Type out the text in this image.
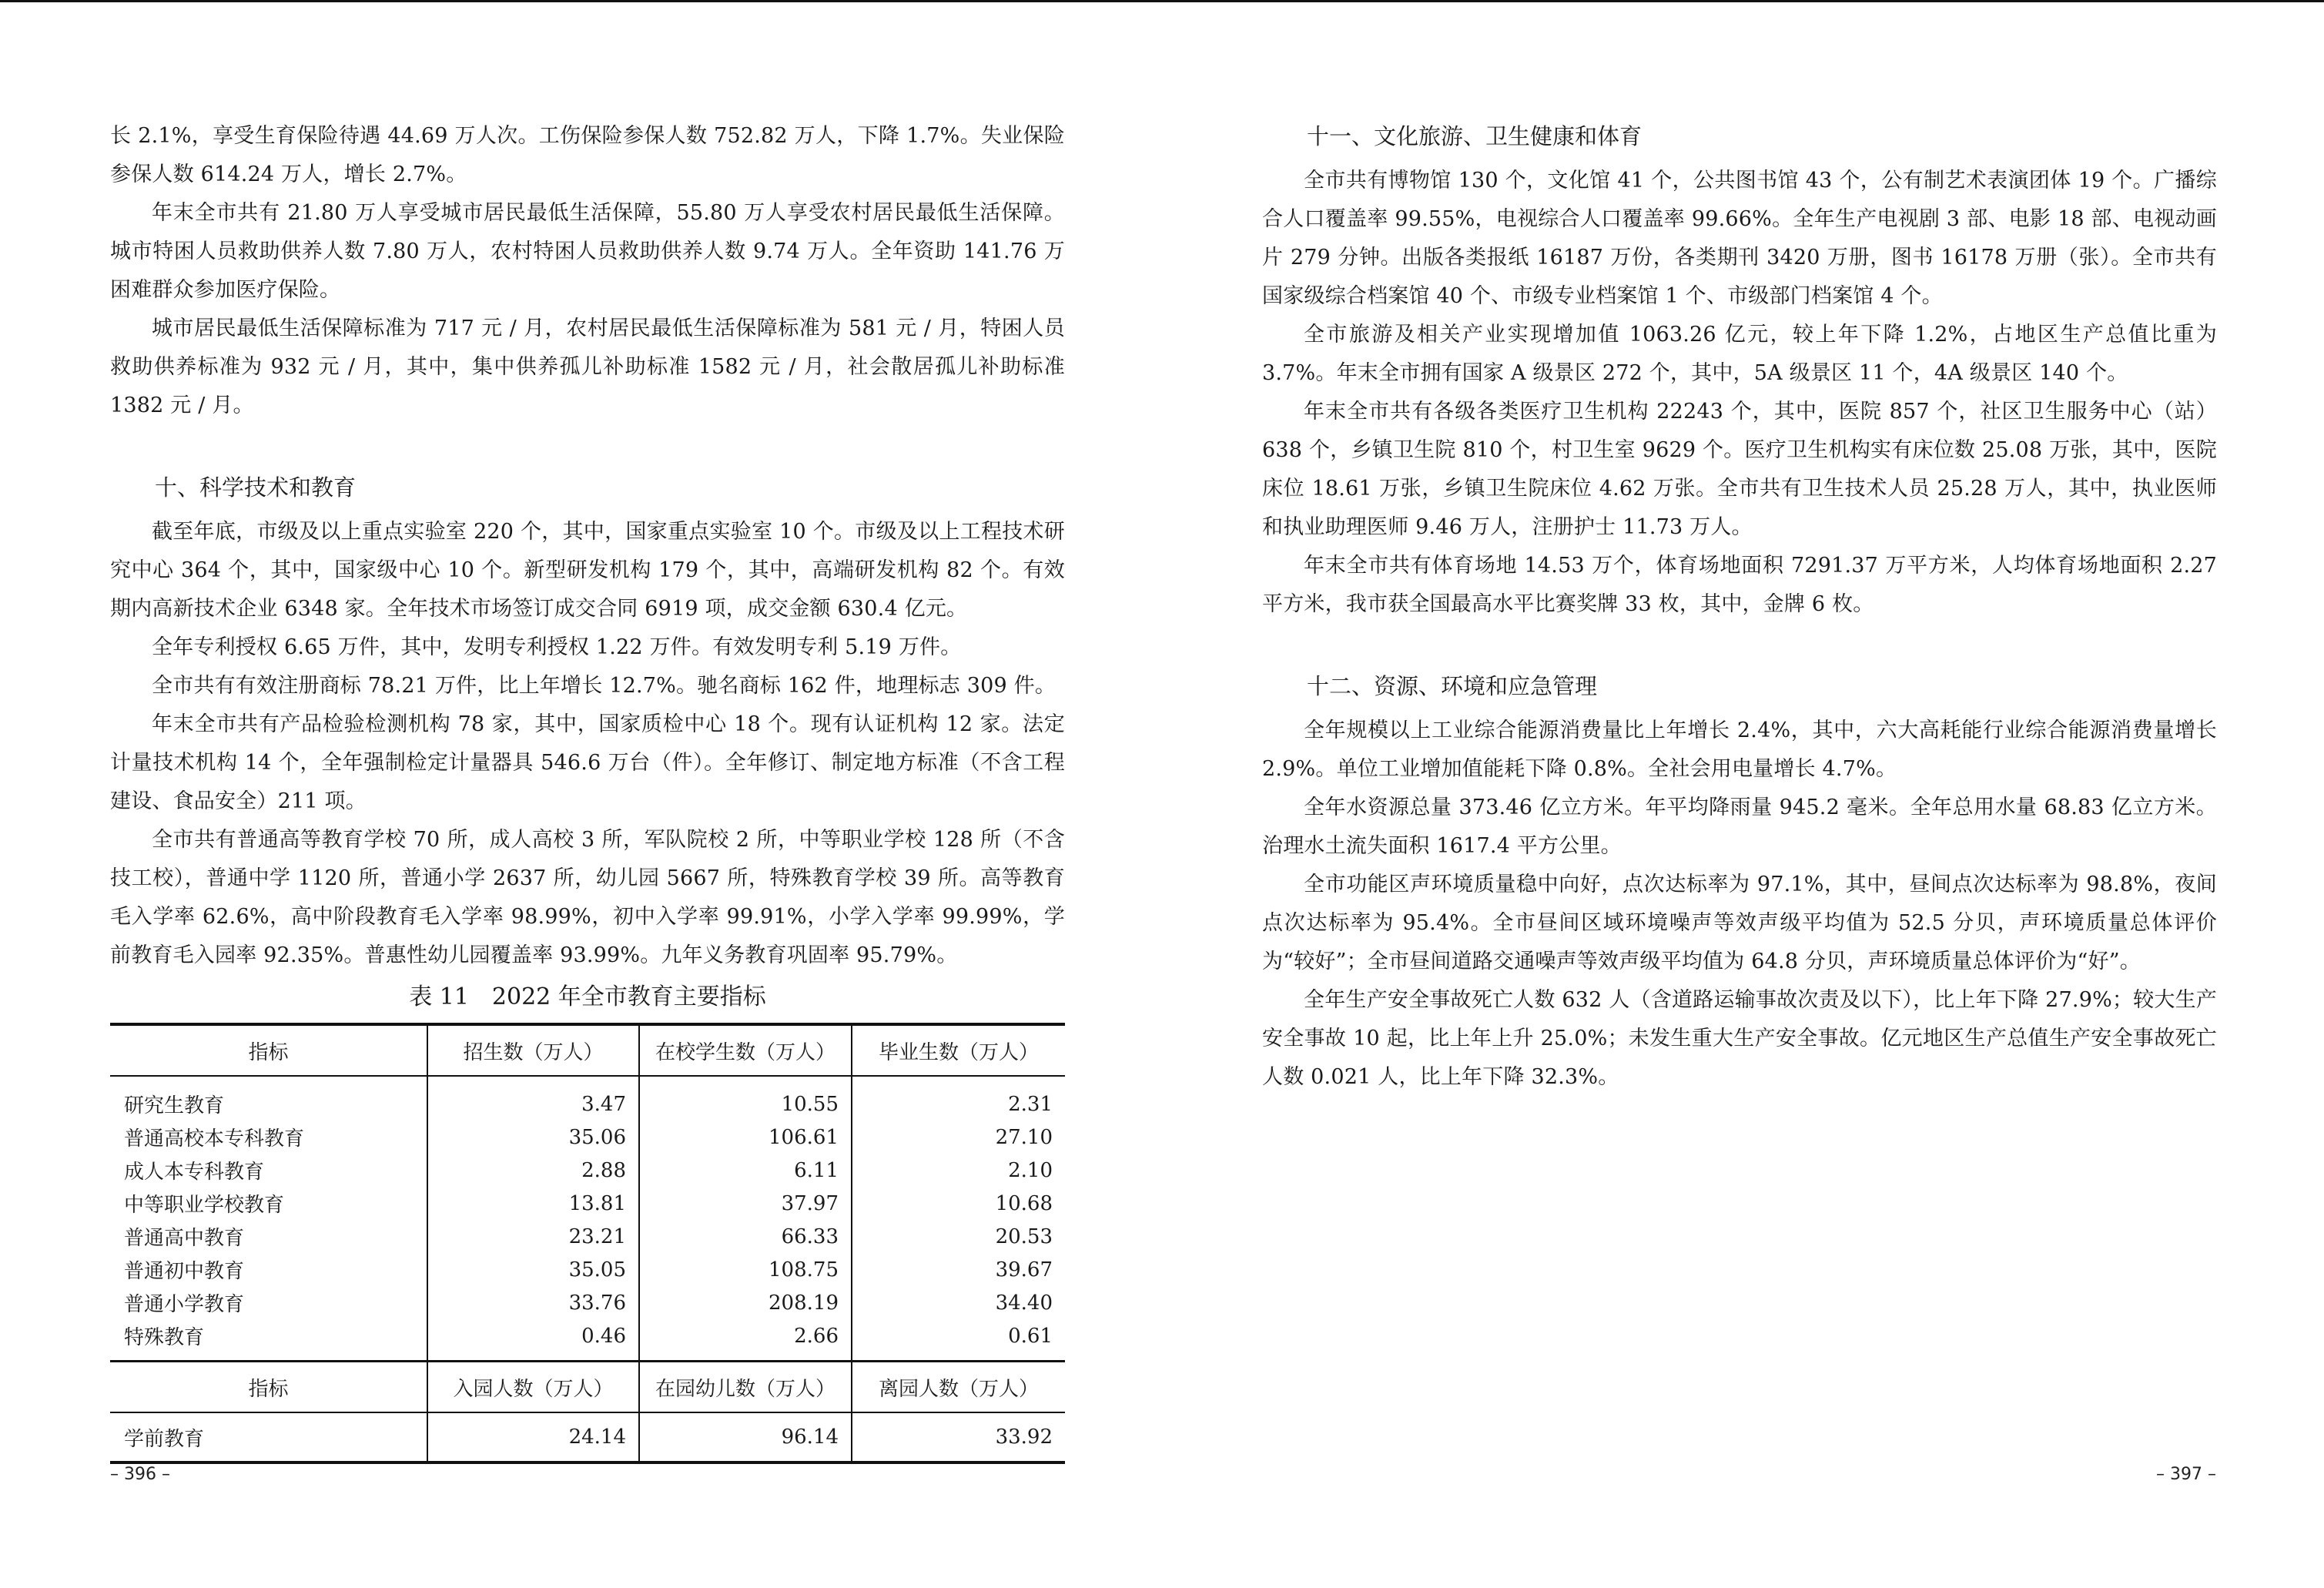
长 2.1%，享受生育保险待遇 44.69 万人次。工伤保险参保人数 752.82 万人，下降 1.7%。失业保险参保人数 614.24 万人，增长 2.7%。

年末全市共有 21.80 万人享受城市居民最低生活保障，55.80 万人享受农村居民最低生活保障。城市特困人员救助供养人数 7.80 万人，农村特困人员救助供养人数 9.74 万人。全年资助 141.76 万困难群众参加医疗保险。

城市居民最低生活保障标准为 717 元 / 月，农村居民最低生活保障标准为 581 元 / 月，特困人员救助供养标准为 932 元 / 月，其中，集中供养孤儿补助标准 1582 元 / 月，社会散居孤儿补助标准 1382 元 / 月。

十、科学技术和教育

截至年底，市级及以上重点实验室 220 个，其中，国家重点实验室 10 个。市级及以上工程技术研究中心 364 个，其中，国家级中心 10 个。新型研发机构 179 个，其中，高端研发机构 82 个。有效期内高新技术企业 6348 家。全年技术市场签订成交合同 6919 项，成交金额 630.4 亿元。

全年专利授权 6.65 万件，其中，发明专利授权 1.22 万件。有效发明专利 5.19 万件。

全市共有有效注册商标 78.21 万件，比上年增长 12.7%。驰名商标 162 件，地理标志 309 件。

年末全市共有产品检验检测机构 78 家，其中，国家质检中心 18 个。现有认证机构 12 家。法定计量技术机构 14 个，全年强制检定计量器具 546.6 万台（件）。全年修订、制定地方标准（不含工程建设、食品安全）211 项。

全市共有普通高等教育学校 70 所，成人高校 3 所，军队院校 2 所，中等职业学校 128 所（不含技工校），普通中学 1120 所，普通小学 2637 所，幼儿园 5667 所，特殊教育学校 39 所。高等教育毛入学率 62.6%，高中阶段教育毛入学率 98.99%，初中入学率 99.91%，小学入学率 99.99%，学前教育毛入园率 92.35%。普惠性幼儿园覆盖率 93.99%。九年义务教育巩固率 95.79%。

表 11　2022 年全市教育主要指标
指标	招生数（万人）	在校学生数（万人）	毕业生数（万人）
研究生教育	3.47	10.55	2.31
普通高校本专科教育	35.06	106.61	27.10
成人本专科教育	2.88	6.11	2.10
中等职业学校教育	13.81	37.97	10.68
普通高中教育	23.21	66.33	20.53
普通初中教育	35.05	108.75	39.67
普通小学教育	33.76	208.19	34.40
特殊教育	0.46	2.66	0.61
指标	入园人数（万人）	在园幼儿数（万人）	离园人数（万人）
学前教育	24.14	96.14	33.92
– 396 –
十一、文化旅游、卫生健康和体育

全市共有博物馆 130 个，文化馆 41 个，公共图书馆 43 个，公有制艺术表演团体 19 个。广播综合人口覆盖率 99.55%，电视综合人口覆盖率 99.66%。全年生产电视剧 3 部、电影 18 部、电视动画片 279 分钟。出版各类报纸 16187 万份，各类期刊 3420 万册，图书 16178 万册（张）。全市共有国家级综合档案馆 40 个、市级专业档案馆 1 个、市级部门档案馆 4 个。

全市旅游及相关产业实现增加值 1063.26 亿元，较上年下降 1.2%，占地区生产总值比重为 3.7%。年末全市拥有国家 A 级景区 272 个，其中，5A 级景区 11 个，4A 级景区 140 个。

年末全市共有各级各类医疗卫生机构 22243 个，其中，医院 857 个，社区卫生服务中心（站）638 个，乡镇卫生院 810 个，村卫生室 9629 个。医疗卫生机构实有床位数 25.08 万张，其中，医院床位 18.61 万张，乡镇卫生院床位 4.62 万张。全市共有卫生技术人员 25.28 万人，其中，执业医师和执业助理医师 9.46 万人，注册护士 11.73 万人。

年末全市共有体育场地 14.53 万个，体育场地面积 7291.37 万平方米，人均体育场地面积 2.27 平方米，我市获全国最高水平比赛奖牌 33 枚，其中，金牌 6 枚。

十二、资源、环境和应急管理

全年规模以上工业综合能源消费量比上年增长 2.4%，其中，六大高耗能行业综合能源消费量增长 2.9%。单位工业增加值能耗下降 0.8%。全社会用电量增长 4.7%。

全年水资源总量 373.46 亿立方米。年平均降雨量 945.2 毫米。全年总用水量 68.83 亿立方米。治理水土流失面积 1617.4 平方公里。

全市功能区声环境质量稳中向好，点次达标率为 97.1%，其中，昼间点次达标率为 98.8%，夜间点次达标率为 95.4%。全市昼间区域环境噪声等效声级平均值为 52.5 分贝，声环境质量总体评价为“较好”；全市昼间道路交通噪声等效声级平均值为 64.8 分贝，声环境质量总体评价为“好”。

全年生产安全事故死亡人数 632 人（含道路运输事故次责及以下），比上年下降 27.9%；较大生产安全事故 10 起，比上年上升 25.0%；未发生重大生产安全事故。亿元地区生产总值生产安全事故死亡人数 0.021 人，比上年下降 32.3%。

– 397 –
